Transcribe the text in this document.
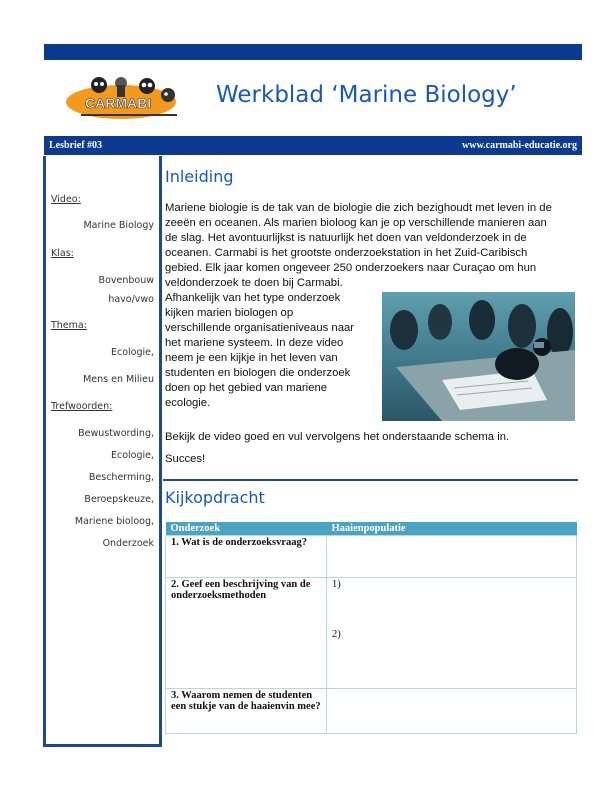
CARMABI	Werkblad ‘Marine Biology’
Lesbrief #03	www.carmabi-educatie.org
Video:
Marine Biology
Klas:
Bovenbouw
havo/vwo
Thema:
Ecologie,
Mens en Milieu
Trefwoorden:
Bewustwording,
Ecologie,
Bescherming,
Beroepskeuze,
Mariene bioloog,
Onderzoek
Inleiding

Mariene biologie is de tak van de biologie die zich bezighoudt met leven in de

zeeën en oceanen. Als marien bioloog kan je op verschillende manieren aan

de slag. Het avontuurlijkst is natuurlijk het doen van veldonderzoek in de

oceanen. Carmabi is het grootste onderzoekstation in het Zuid-Caribisch

gebied. Elk jaar komen ongeveer 250 onderzoekers naar Curaçao om hun

veldonderzoek te doen bij Carmabi.

Afhankelijk van het type onderzoek

kijken marien biologen op

verschillende organisatieniveaus naar

het mariene systeem. In deze video

neem je een kijkje in het leven van

studenten en biologen die onderzoek

doen op het gebied van mariene

ecologie.

Bekijk de video goed en vul vervolgens het onderstaande schema in.
Succes!
Kijkopdracht
Onderzoek	Haaienpopulatie
1. Wat is de onderzoeksvraag?	
2. Geef een beschrijving van de onderzoeksmethoden	1)
2)

3. Waarom nemen de studenten een stukje van de haaienvin mee?	
